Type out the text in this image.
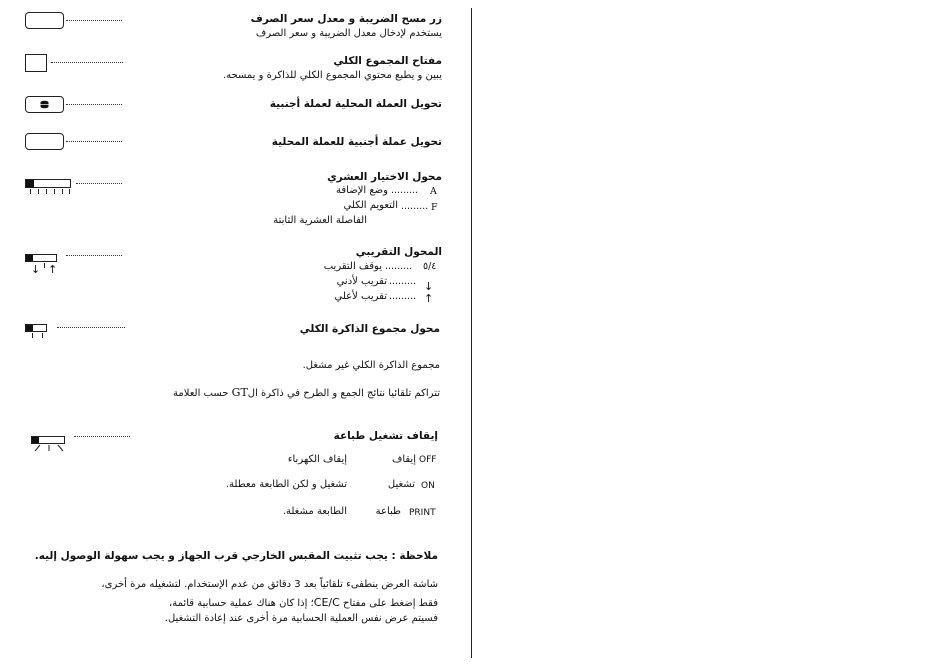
زر مسح الضريبة و معدل سعر الصرف
يستخدم لإدخال معدل الضريبة و سعر الصرف
مفتاح المجموع الكلي
يبين و يطبع محتوي المجموع الكلي للذاكرة و يمسحه.
تحويل العملة المحلية لعملة أجنبية
تحويل عملة أجنبية للعملة المحلية
محول الاختيار العشري
A
.........
وضع الإضافة
F
.........
التعويم الكلي
الفاصلة العشرية الثابتة
↓ ↑
المحول التقريبي
٥/٤
.........
يوقف التقريب
↓
.........
تقريب لأدني
↑
.........
تقريب لأعلي
محول مجموع الذاكرة الكلي
مجموع الذاكرة الكلي غير مشغل.
تتراكم تلقائيا نتائج الجمع و الطرح في ذاكرة الGT حسب العلامة
إيقاف تشغيل طباعة
OFF
إيقاف
إيقاف الكهرباء
ON
تشغيل
تشغيل و لكن الطابعة معطلة.
PRINT
طباعة
الطابعة مشغلة.
ملاحظة : يجب تثبيت المقبس الخارجي قرب الجهاز و يجب سهولة الوصول إليه.
شاشة العرض ينطفىء تلقائياً بعد 3 دقائق من عدم الإستخدام. لتشغيله مرة أخرى،
فقط إضغط على مفتاح CE/C؛ إذا كان هناك عملية حسابية قائمة،
فسيتم عرض نفس العملية الحسابية مرة أخرى عند إعادة التشغيل.
